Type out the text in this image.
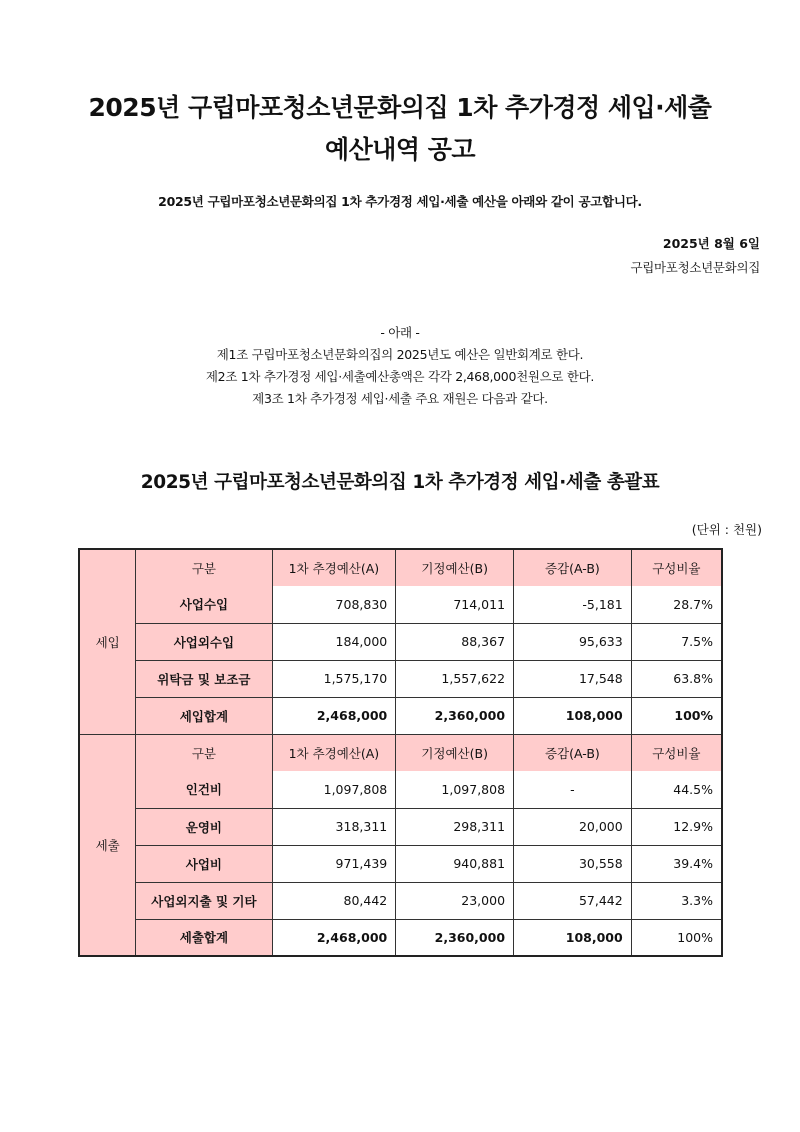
2025년 구립마포청소년문화의집 1차 추가경정 세입·세출
예산내역 공고
2025년 구립마포청소년문화의집 1차 추가경정 세입·세출 예산을 아래와 같이 공고합니다.
2025년 8월 6일
구립마포청소년문화의집
- 아래 -
제1조 구립마포청소년문화의집의 2025년도 예산은 일반회계로 한다.
제2조 1차 추가경정 세입·세출예산총액은 각각 2,468,000천원으로 한다.
제3조 1차 추가경정 세입·세출 주요 재원은 다음과 같다.
2025년 구립마포청소년문화의집 1차 추가경정 세입·세출 총괄표
(단위 : 천원)
세입	구분	1차 추경예산(A)	기정예산(B)	증감(A-B)	구성비율
	사업수입	708,830	714,011	-5,181	28.7%
	사업외수입	184,000	88,367	95,633	7.5%
	위탁금 및 보조금	1,575,170	1,557,622	17,548	63.8%
	세입합계	2,468,000	2,360,000	108,000	100%
세출	구분	1차 추경예산(A)	기정예산(B)	증감(A-B)	구성비율
	인건비	1,097,808	1,097,808	-	44.5%
	운영비	318,311	298,311	20,000	12.9%
	사업비	971,439	940,881	30,558	39.4%
	사업외지출 및 기타	80,442	23,000	57,442	3.3%
	세출합계	2,468,000	2,360,000	108,000	100%
